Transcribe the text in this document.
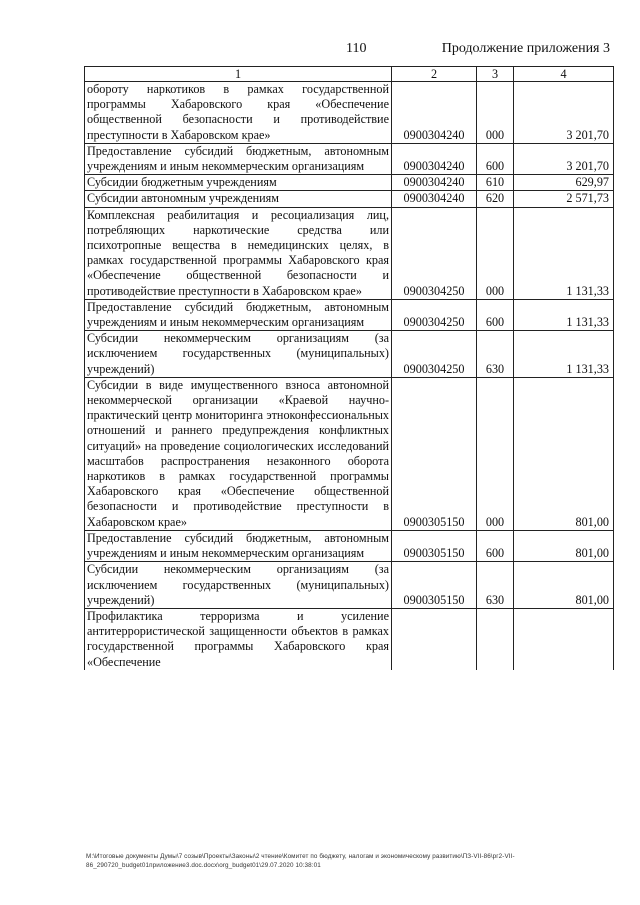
110	Продолжение приложения 3
1	2	3	4
обороту наркотиков в рамках государственной программы Хабаровского края «Обеспечение общественной безопасности и противодействие преступности в Хабаровском крае»	0900304240	000	3 201,70
Предоставление субсидий бюджетным, автономным учреждениям и иным некоммерческим организациям	0900304240	600	3 201,70
Субсидии бюджетным учреждениям	0900304240	610	629,97
Субсидии автономным учреждениям	0900304240	620	2 571,73
Комплексная реабилитация и ресоциализация лиц, потребляющих наркотические средства или психотропные вещества в немедицинских целях, в рамках государственной программы Хабаровского края «Обеспечение общественной безопасности и противодействие преступности в Хабаровском крае»	0900304250	000	1 131,33
Предоставление субсидий бюджетным, автономным учреждениям и иным некоммерческим организациям	0900304250	600	1 131,33
Субсидии некоммерческим организациям (за исключением государственных (муниципальных) учреждений)	0900304250	630	1 131,33
Субсидии в виде имущественного взноса автономной некоммерческой организации «Краевой научно-практический центр мониторинга этноконфессиональных отношений и раннего предупреждения конфликтных ситуаций» на проведение социологических исследований масштабов распространения незаконного оборота наркотиков в рамках государственной программы Хабаровского края «Обеспечение общественной безопасности и противодействие преступности в Хабаровском крае»	0900305150	000	801,00
Предоставление субсидий бюджетным, автономным учреждениям и иным некоммерческим организациям	0900305150	600	801,00
Субсидии некоммерческим организациям (за исключением государственных (муниципальных) учреждений)	0900305150	630	801,00
Профилактика терроризма и усиление антитеррористической защищенности объектов в рамках государственной программы Хабаровского края «Обеспечение			
M:\Итоговые документы Думы\7 созыв\Проекты\Законы\2 чтение\Комитет по бюджету, налогам и экономическому развитию\ПЗ-VII-86\рг2-VII-86_290720_budget01приложение3.doc.docx\org_budget01\29.07.2020 10:38:01
